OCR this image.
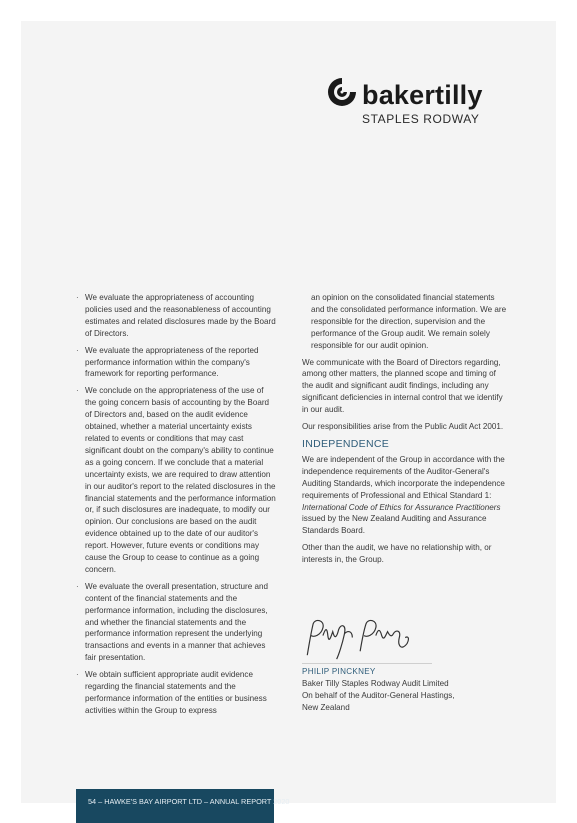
bakertilly
STAPLES RODWAY
· We evaluate the appropriateness of accounting policies used and the reasonableness of accounting estimates and related disclosures made by the Board of Directors.
· We evaluate the appropriateness of the reported performance information within the company's framework for reporting performance.
· We conclude on the appropriateness of the use of the going concern basis of accounting by the Board of Directors and, based on the audit evidence obtained, whether a material uncertainty exists related to events or conditions that may cast significant doubt on the company's ability to continue as a going concern. If we conclude that a material uncertainty exists, we are required to draw attention in our auditor's report to the related disclosures in the financial statements and the performance information or, if such disclosures are inadequate, to modify our opinion. Our conclusions are based on the audit evidence obtained up to the date of our auditor's report. However, future events or conditions may cause the Group to cease to continue as a going concern.
· We evaluate the overall presentation, structure and content of the financial statements and the performance information, including the disclosures, and whether the financial statements and the performance information represent the underlying transactions and events in a manner that achieves fair presentation.
· We obtain sufficient appropriate audit evidence regarding the financial statements and the performance information of the entities or business activities within the Group to express
an opinion on the consolidated financial statements and the consolidated performance information. We are responsible for the direction, supervision and the performance of the Group audit. We remain solely responsible for our audit opinion.
We communicate with the Board of Directors regarding, among other matters, the planned scope and timing of the audit and significant audit findings, including any significant deficiencies in internal control that we identify in our audit.
Our responsibilities arise from the Public Audit Act 2001.
INDEPENDENCE
We are independent of the Group in accordance with the independence requirements of the Auditor-General's Auditing Standards, which incorporate the independence requirements of Professional and Ethical Standard 1: International Code of Ethics for Assurance Practitioners issued by the New Zealand Auditing and Assurance Standards Board.
Other than the audit, we have no relationship with, or interests in, the Group.
PHILIP PINCKNEY
Baker Tilly Staples Rodway Audit Limited
On behalf of the Auditor-General Hastings,
New Zealand
54 – HAWKE'S BAY AIRPORT LTD – ANNUAL REPORT 2020
